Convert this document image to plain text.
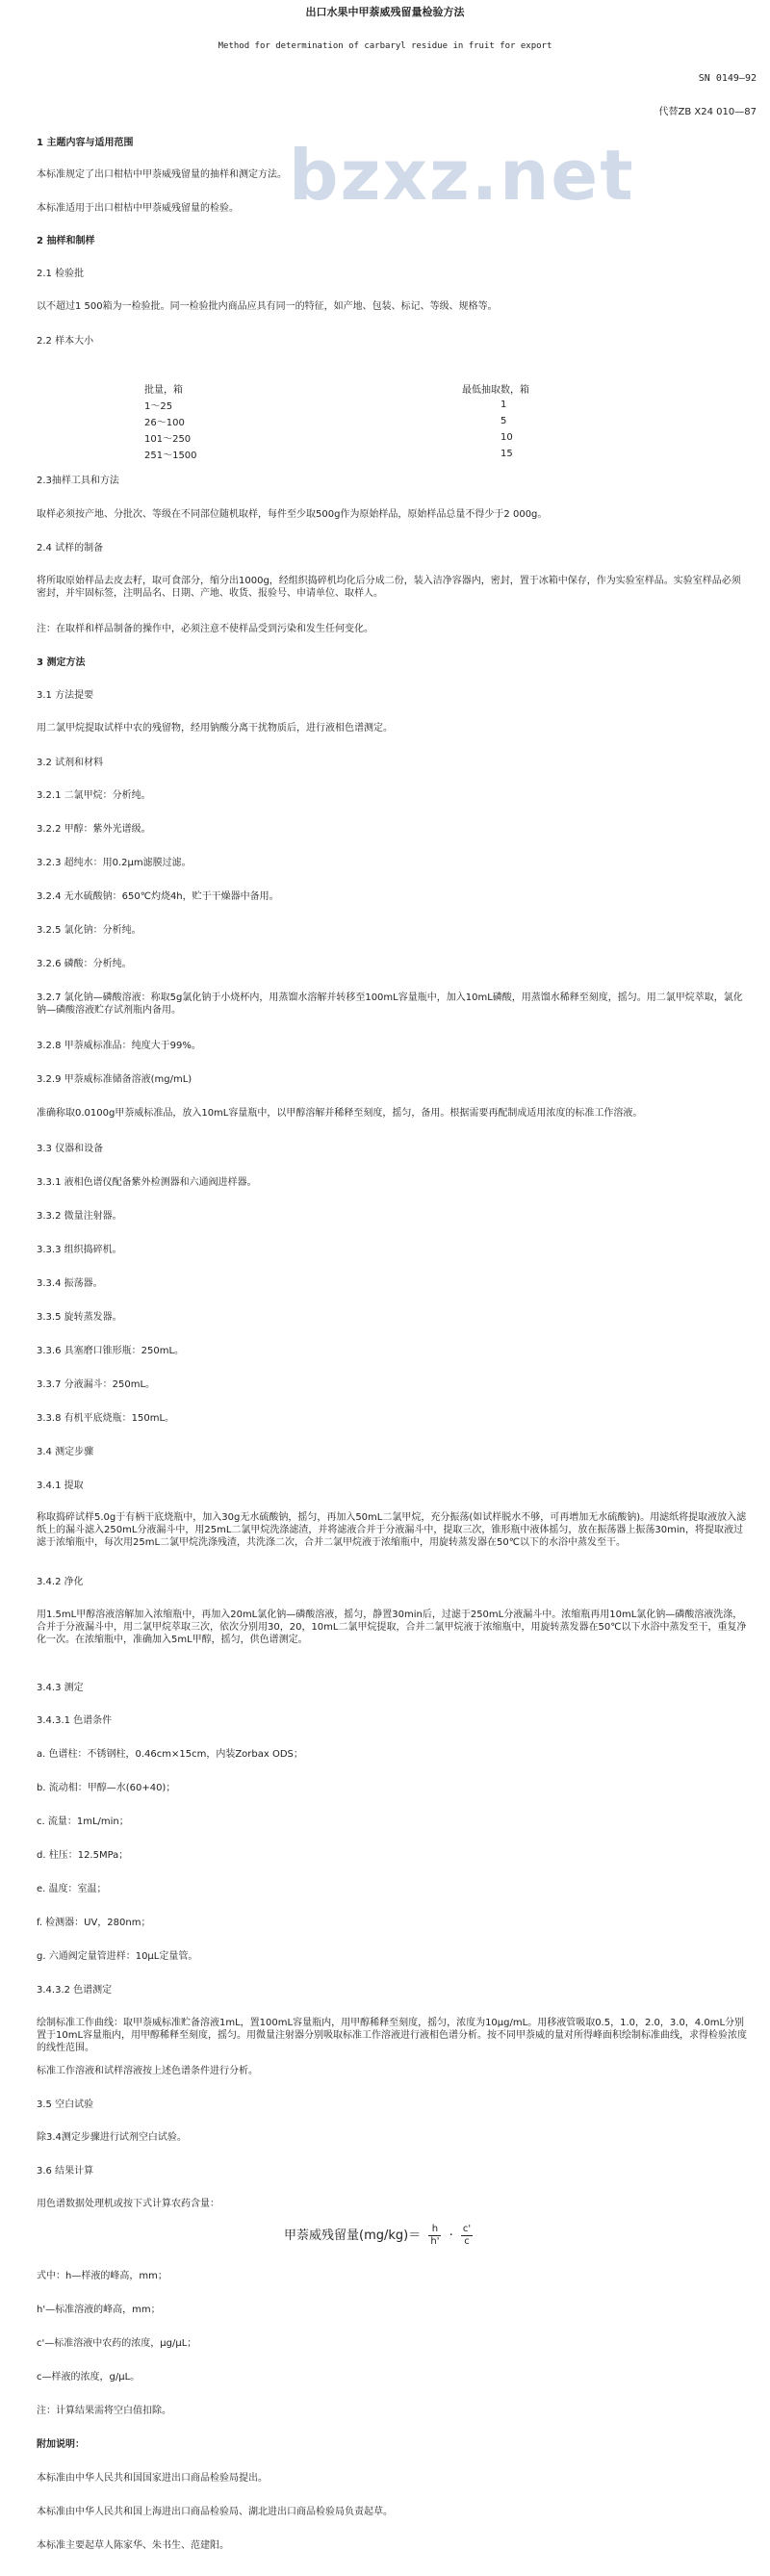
bzxz.net
出口水果中甲萘威残留量检验方法
Method for determination of carbaryl residue in fruit for export
SN 0149—92
代替ZB X24 010—87
1 主题内容与适用范围
本标准规定了出口柑桔中甲萘威残留量的抽样和测定方法。
本标准适用于出口柑桔中甲萘威残留量的检验。
2 抽样和制样
2.1 检验批
以不超过1 500箱为一检验批。同一检验批内商品应具有同一的特征，如产地、包装、标记、等级、规格等。
2.2 样本大小
批量，箱	最低抽取数，箱
1～25	1
26～100	5
101～250	10
251～1500	15
2.3抽样工具和方法
取样必须按产地、分批次、等级在不同部位随机取样，每件至少取500g作为原始样品，原始样品总量不得少于2 000g。
2.4 试样的制备
将所取原始样品去皮去籽，取可食部分，缩分出1000g，经组织捣碎机均化后分成二份，装入洁净容器内，密封，置于冰箱中保存，作为实验室样品。实验室样品必须密封，并牢固标签，注明品名、日期、产地、收货、报验号、申请单位、取样人。
注：在取样和样品制备的操作中，必须注意不使样品受到污染和发生任何变化。
3 测定方法
3.1 方法提要
用二氯甲烷提取试样中农的残留物，经用钠酸分离干扰物质后，进行液相色谱测定。
3.2 试剂和材料
3.2.1 二氯甲烷：分析纯。
3.2.2 甲醇：紫外光谱级。
3.2.3 超纯水：用0.2μm滤膜过滤。
3.2.4 无水硫酸钠：650℃灼烧4h，贮于干燥器中备用。
3.2.5 氯化钠：分析纯。
3.2.6 磷酸：分析纯。
3.2.7 氯化钠—磷酸溶液：称取5g氯化钠于小烧杯内，用蒸馏水溶解并转移至100mL容量瓶中，加入10mL磷酸，用蒸馏水稀释至刻度，摇匀。用二氯甲烷萃取，氯化钠—磷酸溶液贮存试剂瓶内备用。
3.2.8 甲萘威标准品：纯度大于99%。
3.2.9 甲萘威标准储备溶液(mg/mL)
准确称取0.0100g甲萘威标准品，放入10mL容量瓶中，以甲醇溶解并稀释至刻度，摇匀，备用。根据需要再配制成适用浓度的标准工作溶液。
3.3 仪器和设备
3.3.1 液相色谱仪配备紫外检测器和六通阀进样器。
3.3.2 微量注射器。
3.3.3 组织捣碎机。
3.3.4 振荡器。
3.3.5 旋转蒸发器。
3.3.6 具塞磨口锥形瓶：250mL。
3.3.7 分液漏斗：250mL。
3.3.8 有机平底烧瓶：150mL。
3.4 测定步骤
3.4.1 提取
称取捣碎试样5.0g于有柄干底烧瓶中，加入30g无水硫酸钠，摇匀，再加入50mL二氯甲烷，充分振荡(如试样脱水不够，可再增加无水硫酸钠)。用滤纸将提取液放入滤纸上的漏斗滤入250mL分液漏斗中，用25mL二氯甲烷洗涤滤渣，并将滤液合并于分液漏斗中，提取三次，锥形瓶中液体摇匀，放在振荡器上振荡30min，将提取液过滤于浓缩瓶中，每次用25mL二氯甲烷洗涤残渣，共洗涤二次，合并二氯甲烷液于浓缩瓶中，用旋转蒸发器在50℃以下的水浴中蒸发至干。
3.4.2 净化
用1.5mL甲醇溶液溶解加入浓缩瓶中，再加入20mL氯化钠—磷酸溶液，摇匀，静置30min后，过滤于250mL分液漏斗中。浓缩瓶再用10mL氯化钠—磷酸溶液洗涤，合并于分液漏斗中，用二氯甲烷萃取三次，依次分别用30，20，10mL二氯甲烷提取，合并二氯甲烷液于浓缩瓶中，用旋转蒸发器在50℃以下水浴中蒸发至干，重复净化一次。在浓缩瓶中，准确加入5mL甲醇，摇匀，供色谱测定。
3.4.3 测定
3.4.3.1 色谱条件
a. 色谱柱：不锈钢柱，0.46cm×15cm，内装Zorbax ODS；
b. 流动相：甲醇—水(60+40)；
c. 流量：1mL/min；
d. 柱压：12.5MPa；
e. 温度：室温；
f. 检测器：UV，280nm；
g. 六通阀定量管进样：10μL定量管。
3.4.3.2 色谱测定
绘制标准工作曲线：取甲萘威标准贮备溶液1mL，置100mL容量瓶内，用甲醇稀释至刻度，摇匀，浓度为10μg/mL。用移液管吸取0.5，1.0，2.0，3.0，4.0mL分别置于10mL容量瓶内，用甲醇稀释至刻度，摇匀。用微量注射器分别吸取标准工作溶液进行液相色谱分析。按不同甲萘威的量对所得峰面积绘制标准曲线，求得检验浓度的线性范围。
标准工作溶液和试样溶液按上述色谱条件进行分析。
3.5 空白试验
除3.4测定步骤进行试剂空白试验。
3.6 结果计算
用色谱数据处理机或按下式计算农药含量：
甲萘威残留量$(mg/kg)= \frac{h}{h'} \cdot \frac{c'}{c}$
式中：h—样液的峰高，mm；
h'—标准溶液的峰高，mm；
c'—标准溶液中农药的浓度，μg/μL；
c—样液的浓度，g/μL。
注：计算结果需将空白值扣除。
附加说明：
本标准由中华人民共和国国家进出口商品检验局提出。
本标准由中华人民共和国上海进出口商品检验局、湖北进出口商品检验局负责起草。
本标准主要起草人陈家华、朱书生、范建阳。
